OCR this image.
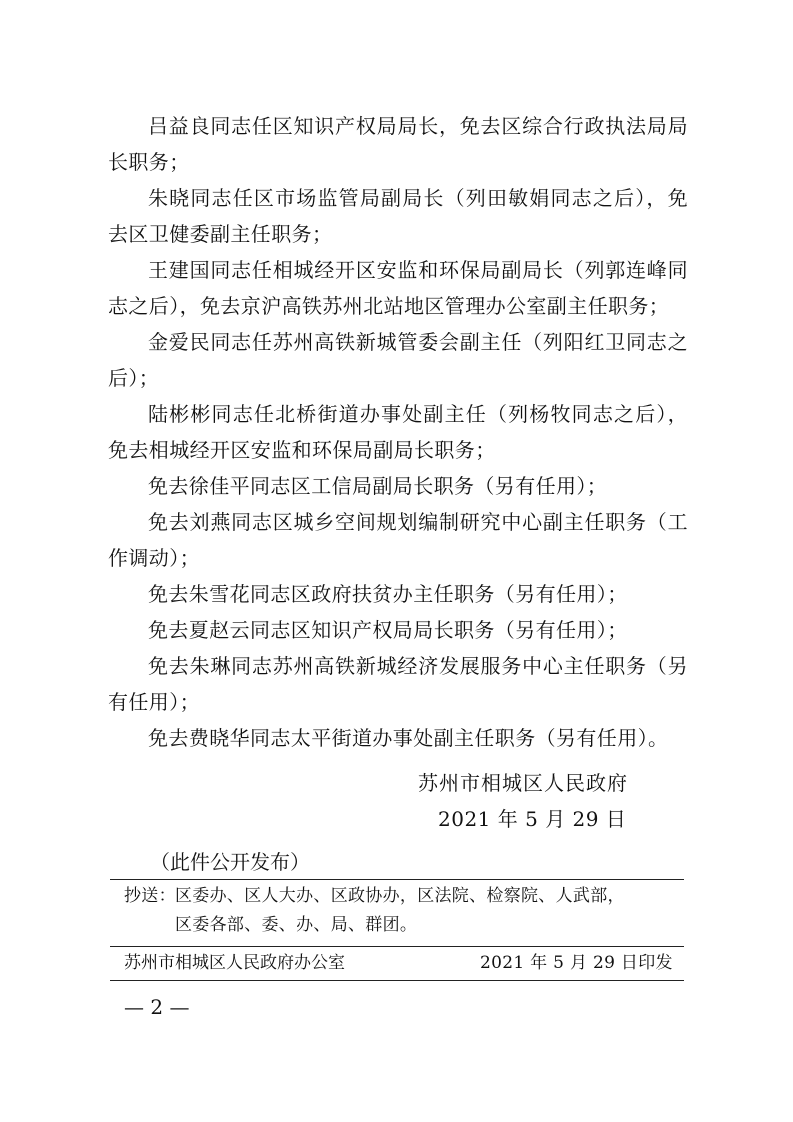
吕益良同志任区知识产权局局长，免去区综合行政执法局局长职务；

朱晓同志任区市场监管局副局长（列田敏娟同志之后），免去区卫健委副主任职务；

王建国同志任相城经开区安监和环保局副局长（列郭连峰同志之后），免去京沪高铁苏州北站地区管理办公室副主任职务；

金爱民同志任苏州高铁新城管委会副主任（列阳红卫同志之后）；

陆彬彬同志任北桥街道办事处副主任（列杨牧同志之后），免去相城经开区安监和环保局副局长职务；

免去徐佳平同志区工信局副局长职务（另有任用）；

免去刘燕同志区城乡空间规划编制研究中心副主任职务（工作调动）；

免去朱雪花同志区政府扶贫办主任职务（另有任用）；

免去夏赵云同志区知识产权局局长职务（另有任用）；

免去朱琳同志苏州高铁新城经济发展服务中心主任职务（另有任用）；

免去费晓华同志太平街道办事处副主任职务（另有任用）。

苏州市相城区人民政府
2021 年 5 月 29 日
（此件公开发布）
抄送： 区委办、区人大办、区政协办，区法院、检察院、人武部，
区委各部、委、办、局、群团。
苏州市相城区人民政府办公室	2021 年 5 月 29 日印发
— 2 —
